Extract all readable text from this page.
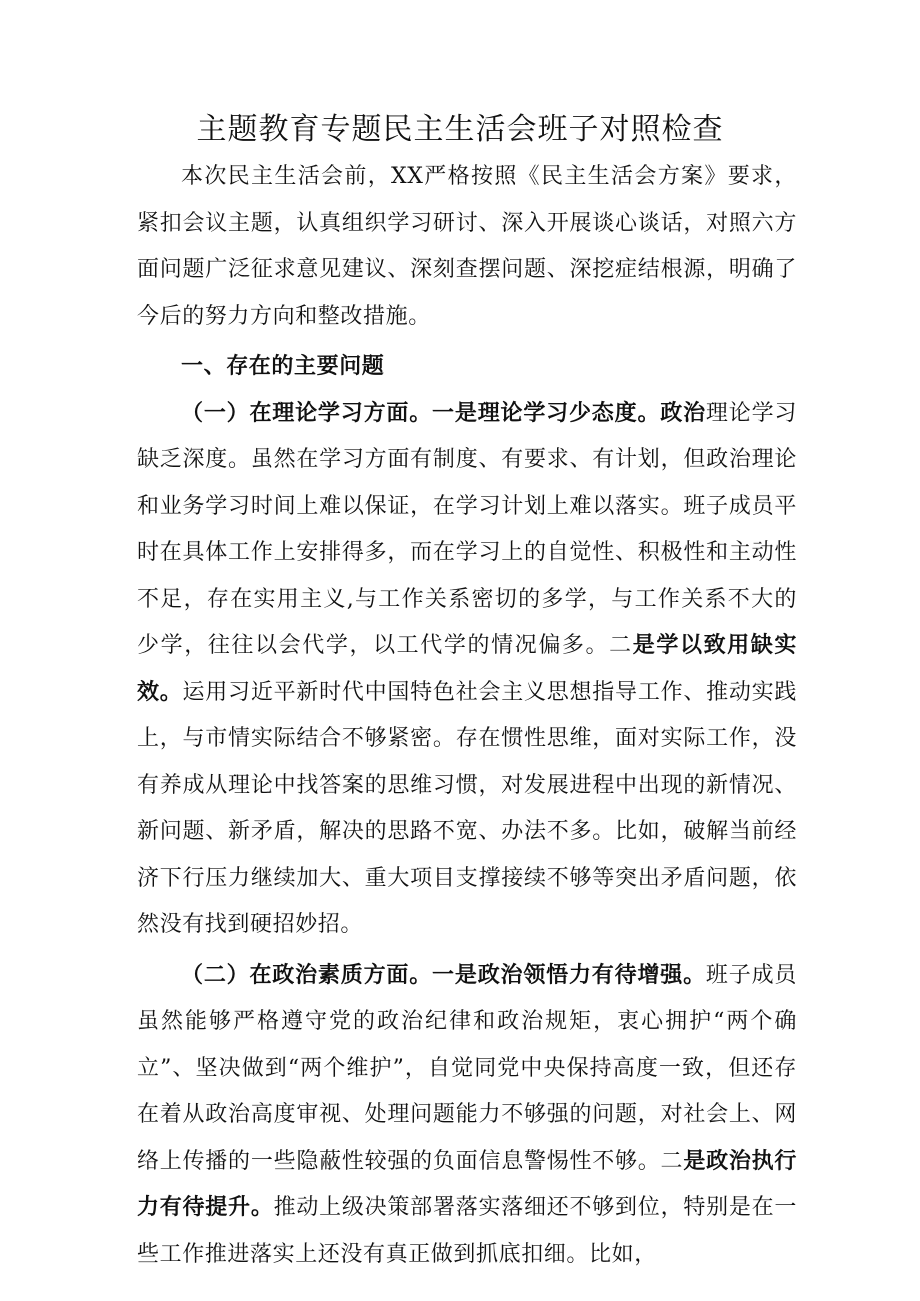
主题教育专题民主生活会班子对照检查

本次民主生活会前，XX严格按照《民主生活会方案》要求，紧扣会议主题，认真组织学习研讨、深入开展谈心谈话，对照六方面问题广泛征求意见建议、深刻查摆问题、深挖症结根源，明确了今后的努力方向和整改措施。

一、存在的主要问题

（一）在理论学习方面。一是理论学习少态度。政治理论学习缺乏深度。虽然在学习方面有制度、有要求、有计划，但政治理论和业务学习时间上难以保证，在学习计划上难以落实。班子成员平时在具体工作上安排得多，而在学习上的自觉性、积极性和主动性不足，存在实用主义,与工作关系密切的多学，与工作关系不大的少学，往往以会代学，以工代学的情况偏多。二是学以致用缺实效。运用习近平新时代中国特色社会主义思想指导工作、推动实践上，与市情实际结合不够紧密。存在惯性思维，面对实际工作，没有养成从理论中找答案的思维习惯，对发展进程中出现的新情况、新问题、新矛盾，解决的思路不宽、办法不多。比如，破解当前经济下行压力继续加大、重大项目支撑接续不够等突出矛盾问题，依然没有找到硬招妙招。

（二）在政治素质方面。一是政治领悟力有待增强。班子成员虽然能够严格遵守党的政治纪律和政治规矩，衷心拥护“两个确立”、坚决做到“两个维护”，自觉同党中央保持高度一致，但还存在着从政治高度审视、处理问题能力不够强的问题，对社会上、网络上传播的一些隐蔽性较强的负面信息警惕性不够。二是政治执行力有待提升。推动上级决策部署落实落细还不够到位，特别是在一些工作推进落实上还没有真正做到抓底扣细。比如，
